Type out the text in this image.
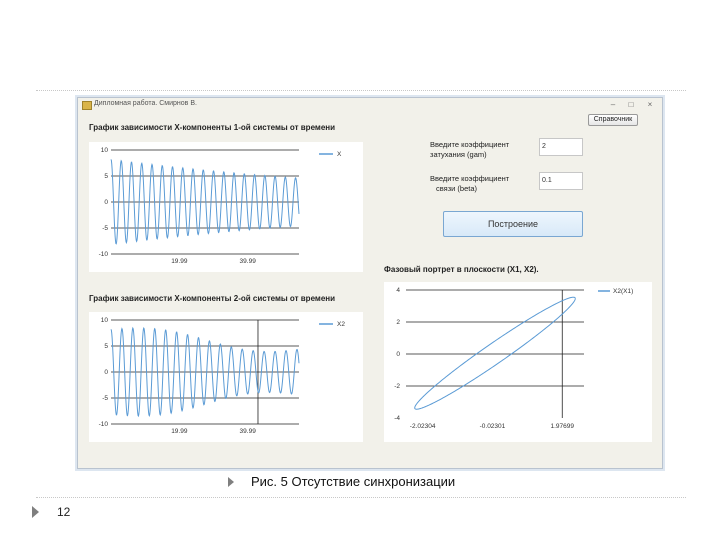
Дипломная работа. Смирнов В.	–	□	×
Справочник
График зависимости X-компоненты 1-ой системы от времени
10
5
0
-5
-10
19.99	39.99
X
График зависимости X-компоненты 2-ой системы от времени
10
5
0
-5
-10
19.99	39.99
X2
Введите коэффициент
затухания (gam)
2
Введите коэффициент
связи (beta)
0.1
Построение
Фазовый портрет в плоскости (X1, X2).
4
2
0
-2
-4
-2.02304	-0.02301	1.97699
X2(X1)
Рис. 5 Отсутствие синхронизации
12
